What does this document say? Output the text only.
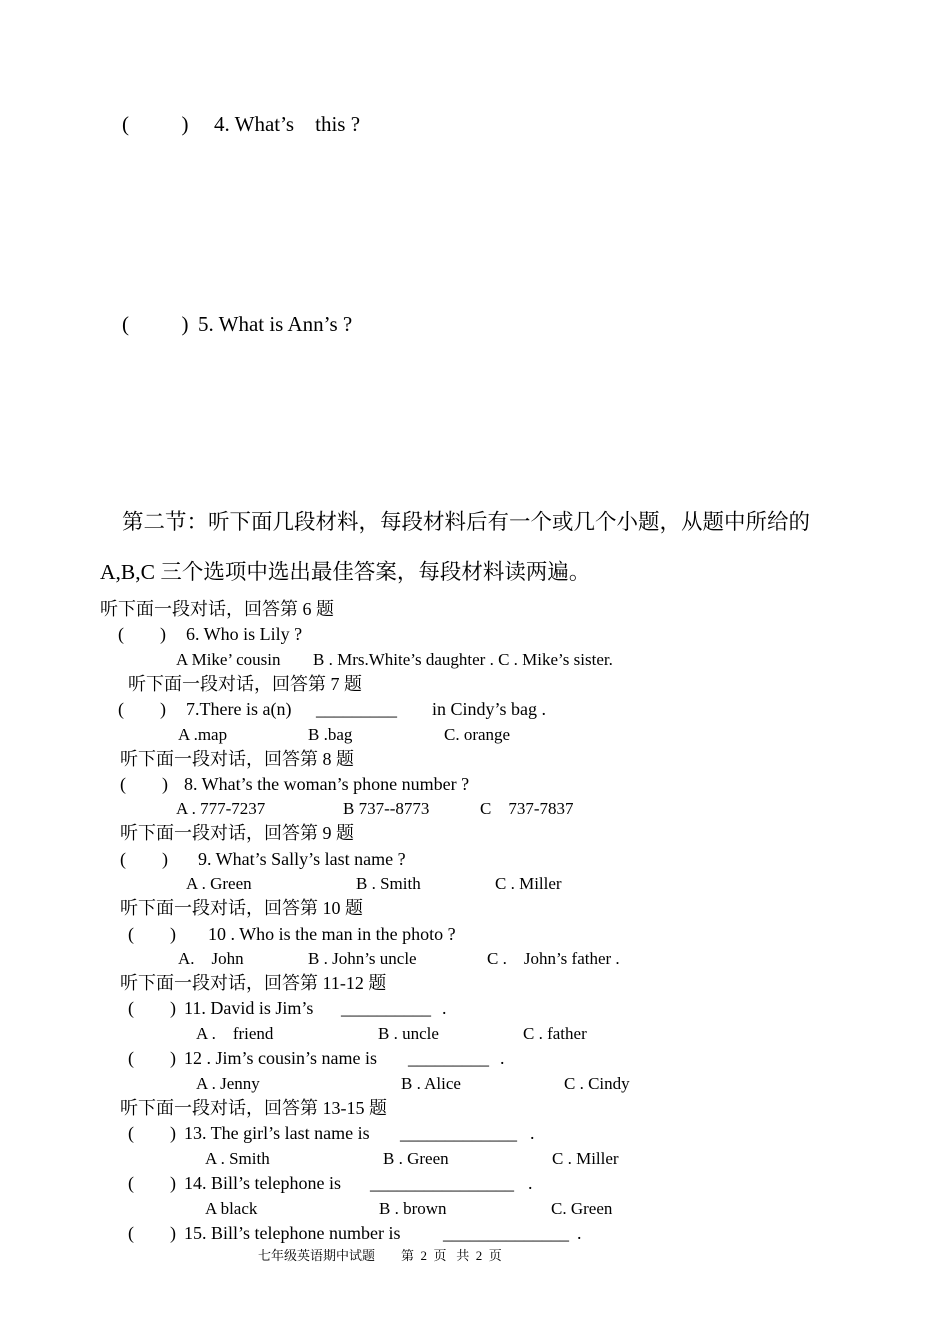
(          ) 4. What’s    this ?
(          ) 5. What is Ann’s ?
第二节：听下面几段材料，每段材料后有一个或几个小题，从题中所给的
A,B,C 三个选项中选出最佳答案，每段材料读两遍。
听下面一段对话，回答第 6 题
(        ) 6. Who is Lily ?
A Mike’ cousin B . Mrs.White’s daughter . C . Mike’s sister.
听下面一段对话，回答第 7 题
(        ) 7.There is a(n) _________ in Cindy’s bag .
A .map	B .bag	C. orange
听下面一段对话，回答第 8 题
(        ) 8. What’s the woman’s phone number ?
A . 777-7237	B 737--8773	C    737-7837
听下面一段对话，回答第 9 题
(        ) 9. What’s Sally’s last name ?
A . Green	B . Smith	C . Miller
听下面一段对话，回答第 10 题
(        ) 10 . Who is the man in the photo ?
A.    John	B . John’s uncle	C .    John’s father .
听下面一段对话，回答第 11-12 题
(        ) 11. David is Jim’s __________ .
A .    friend	B . uncle	C . father
(        ) 12 . Jim’s cousin’s name is _________ .
A . Jenny	B . Alice	C . Cindy
听下面一段对话，回答第 13-15 题
(        ) 13. The girl’s last name is _____________ .
A . Smith	B . Green	C . Miller
(        ) 14. Bill’s telephone is ________________ .
A black	B . brown	C. Green
(        ) 15. Bill’s telephone number is ______________ .
七年级英语期中试题        第  2  页   共  2  页
